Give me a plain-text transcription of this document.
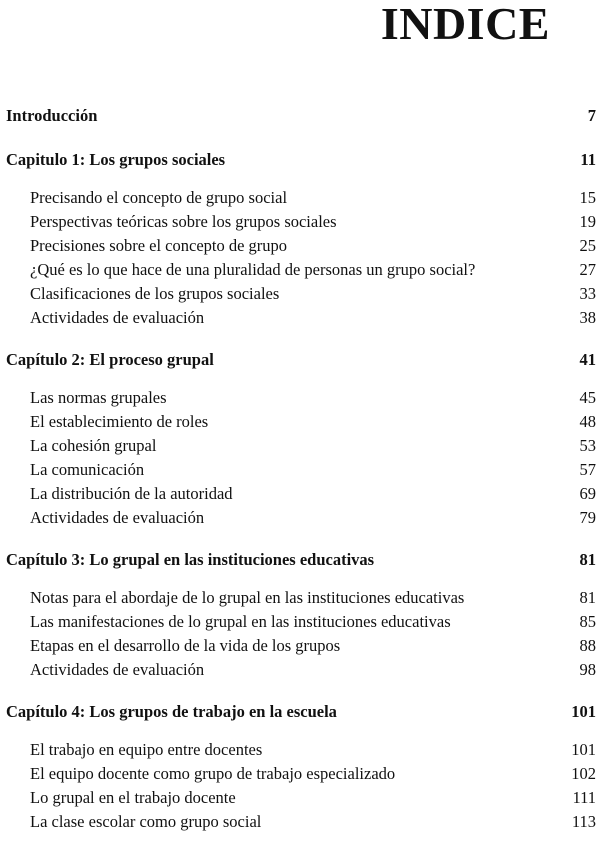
INDICE
Introducción	7
Capitulo 1: Los grupos sociales	11
Precisando el concepto de grupo social	15
Perspectivas teóricas sobre los grupos sociales	19
Precisiones sobre el concepto de grupo	25
¿Qué es lo que hace de una pluralidad de personas un grupo social?	27
Clasificaciones de los grupos sociales	33
Actividades de evaluación	38
Capítulo 2: El proceso grupal	41
Las normas grupales	45
El establecimiento de roles	48
La cohesión grupal	53
La comunicación	57
La distribución de la autoridad	69
Actividades de evaluación	79
Capítulo 3: Lo grupal en las instituciones educativas	81
Notas para el abordaje de lo grupal en las instituciones educativas	81
Las manifestaciones de lo grupal en las instituciones educativas	85
Etapas en el desarrollo de la vida de los grupos	88
Actividades de evaluación	98
Capítulo 4: Los grupos de trabajo en la escuela	101
El trabajo en equipo entre docentes	101
El equipo docente como grupo de trabajo especializado	102
Lo grupal en el trabajo docente	111
La clase escolar como grupo social	113
